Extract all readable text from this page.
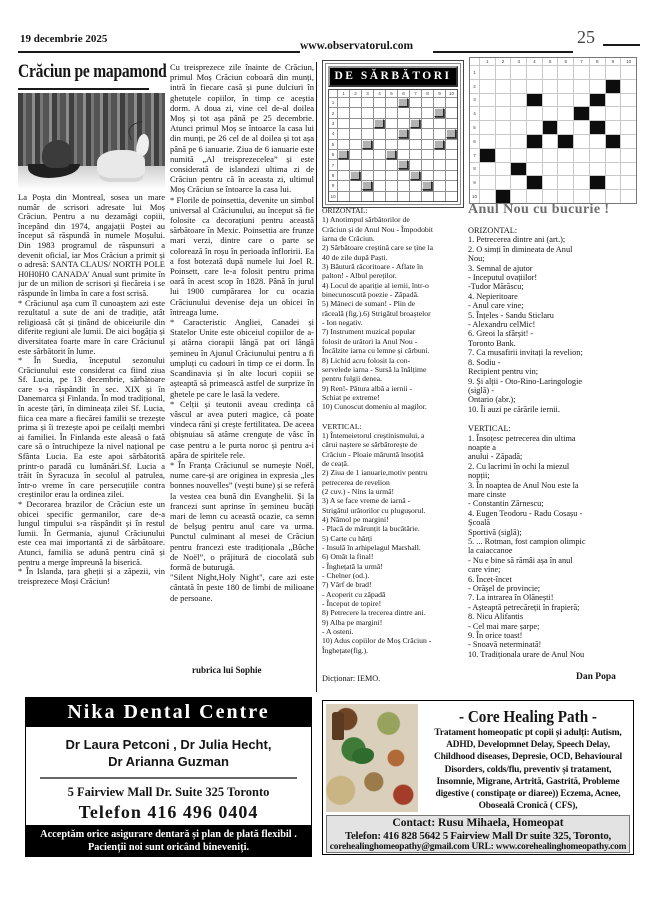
19 decembrie 2025
www.observatorul.com	25
Crăciun pe mapamond
La Poșta din Montreal, sosea un mare număr de scrisori adresate lui Moș Crăciun. Pentru a nu dezamăgi copiii, începând din 1974, angajații Poștei au început să răspundă în numele Moșului. Din 1983 programul de răspunsuri a devenit oficial, iar Mos Crăciun a primit și o adresă: SANTA CLAUS/ NORTH POLE H0H0H0 CANADA' Anual sunt primite în jur de un milion de scrisori și fiecăreia i se răspunde în limba în care a fost scrisă.
* Crăciunul așa cum îl cunoaștem azi este rezultatul a sute de ani de tradiție, atât religioasă cât și ținând de obiceiurile din diferite regiuni ale lumii. De aici bogăția și diversitatea foarte mare în care Crăciunul este sărbătorit în lume.
* În Suedia, începutul sezonului Crăciunului este considerat ca fiind ziua Sf. Lucia, pe 13 decembrie, sărbătoare care s-a răspândit în sec. XIX și în Danemarca și Finlanda. În mod tradițional, în aceste țări, în dimineața zilei Sf. Lucia, fiica cea mare a fiecărei familii se trezește prima și îi trezește apoi pe ceilalți membri ai familiei. În Finlanda este aleasă o fată care să o întruchipeze la nivel național pe Sfânta Lucia. Ea este apoi sărbătorită printr-o paradă cu lumânări.Sf. Lucia a trăit în Syracuza în secolul al patrulea, într-o vreme în care persecuțiile contra creștinilor erau la ordinea zilei.
* Decorarea brazilor de Crăciun este un obicei specific germanilor, care de-a lungul timpului s-a răspândit și în restul lumii. În Germania, ajunul Crăciunului este cea mai importantă zi de sărbătoare. Atunci, familia se adună pentru cină și pentru a merge împreună la biserică.
* În Islanda, țara gheții și a zăpezii, vin treisprezece Moși Crăciun!
Cu treisprezece zile înainte de Crăciun, primul Moș Crăciun coboară din munți, intră în fiecare casă și pune dulciuri în ghetuțele copiilor, în timp ce aceștia dorm. A doua zi, vine cel de-al doilea Moș și tot așa până pe 25 decembrie. Atunci primul Moș se întoarce la casa lui din munți, pe 26 cel de al doilea și tot așa până pe 6 ianuarie. Ziua de 6 ianuarie este numită „Al treisprezecelea” și este considerată de islandezi ultima zi de Crăciun pentru că în aceasta zi, ultimul Moș Crăciun se întoarce la casa lui.
* Florile de poinsettia, devenite un simbol universal al Crăciunului, au început să fie folosite ca decorațiuni pentru această sărbătoare în Mexic. Poinsettia are frunze mari verzi, dintre care o parte se colorează în roșu în perioada înfloririi. Ea a fost botezată după numele lui Joel R. Poinsett, care le-a folosit pentru prima oară în acest scop în 1828. Până în jurul lui 1900 cumpărarea lor cu ocazia Crăciunului devenise deja un obicei în întreaga lume.
* Caracteristic Angliei, Canadei și Statelor Unite este obiceiul copiilor de a-și atârna ciorapii lângă pat ori lângă șemineu în Ajunul Crăciunului pentru a fi umpluți cu cadouri în timp ce ei dorm. În Scandinavia și în alte locuri copiii se așteaptă să primească astfel de surprize în ghetele pe care le lasă la vedere.
* Celții și teutonii aveau credința că vâscul ar avea puteri magice, că poate vindeca răni și crește fertilitatea. De aceea obișnuiau să atârne crenguțe de vâsc în case pentru a le purta noroc și pentru a-i apăra de spiritele rele.
* În Franța Crăciunul se numește Noël, nume care-și are originea in expresia „les bonnes nouvelles” (vești bune) și se referă la vestea cea bună din Evanghelii. Și la francezi sunt aprinse în șemineu bucăți mari de lemn cu această ocazie, ca semn de belșug pentru anul care va urma. Punctul culminant al mesei de Crăciun pentru francezi este tradiționala „Bûche de Noël”, o prăjitură de ciocolată sub formă de buturugă.
"Silent Night,Holy Night", care azi este cântată în peste 180 de limbi de milioane de persoane.
rubrica lui Sophie
DE SĂRBĂTORI
1	2	3	4	5	6	7	8	9	10
1
2
3
4
5
6
7
8
9
10
ORIZONTAL:
1) Anotimpul sărbătorilor de
Crăciun și de Anul Nou - Împodobit
iarna de Crăciun.
2) Sărbătoare creștină care se ține la
40 de zile după Paști.
3) Băutură răcoritoare - Aflate în
palton! - Albul pereților.
4) Locul de apariție al iernii, într-o
binecunoscută poezie - Zăpadă.
5) Mâneci de suman! - Plin de
răceală (fig.).6) Strigătul broaștelor
- Ion negativ.
7) Instrument muzical popular
folosit de urători la Anul Nou -
Încălzite iarna cu lemne și cărbuni.
8) Lichid acru folosit la con-
servelede iarna - Sursă la înălțime
pentru fulgii denea.
9) Ren!- Pătura albă a iernii -
Schiat pe extreme!
10) Cunoscut domeniu al magilor.
VERTICAL:
1) Întemeietorul creștinismului, a
cărui naștere se sărbătorește de
Crăciun - Ploaie măruntă însoțită
de ceață.
2) Ziua de 1 ianuarie,motiv pentru
petrecerea de revelion
(2 cuv.) - Nins la urmă!
3) A se face vreme de iarnă -
Strigătul urătorilor cu plugușorul.
4) Nămol pe margini!
- Placă de mărunțit la bucătărie.
5) Carte cu hărți
- Insulă în arhipelagul Marshall.
6) Omăt la final!
- Înghețată la urmă!
- Chelner (od.).
7) Vârf de brad!
- Acoperit cu zăpadă
- Început de topire!
8) Petrecere la trecerea dintre ani.
9) Alba pe margini!
- A osteni.
10) Adus copiilor de Moș Crăciun -
Înghețate(fig.).
Dicționar: IEMO.
1	2	3	4	5	6	7	8	9	10
1
2
3
4
5
6
7
8
9
10
Anul Nou cu bucurie !
ORIZONTAL:
1. Petrecerea dintre ani (art.);
2. O simți în dimineata de Anul
Nou;
3. Semnal de ajutor
- Inceputul ovațiilor!
-Tudor Mărăscu;
4. Nepieritoare
- Anul care vine;
5. Înțeles - Sandu Sticlaru
- Alexandru celMic!
6. Greoi la sfârșit! -
Toronto Bank.
7. Ca musafirii invitați la revelion;
8. Sodiu -
Recipient pentru vin;
9. Și alții - Oto-Rino-Laringologie
(siglă) -
Ontario (abr.);
10. Îi auzi pe cărările iernii.
VERTICAL:
1. Însoțesc petrecerea din ultima
noapte a
anului - Zăpadă;
2. Cu lacrimi în ochi la miezul
nopții;
3. În noaptea de Anul Nou este la
mare cinste
- Constantin Zărnescu;
4. Eugen Teodoru - Radu Cosașu -
Școală
Sportivă (siglă);
5. ... Rotman, fost campion olimpic
la caiaccanoe
- Nu e bine să rămâi așa în anul
care vine;
6. Încet-încet
- Orășel de provincie;
7. La intrarea în Olănești!
- Așteaptă petrecăreții în frapieră;
8. Nicu Alifantis
- Cel mai mare șarpe;
9. În orice toast!
- Snoavă neterminată!
10. Tradiționala urare de Anul Nou
Dan Popa
Nika Dental Centre
Dr Laura Petconi , Dr Julia Hecht,
Dr Arianna Guzman
5 Fairview Mall Dr. Suite 325 Toronto
Telefon 416 496 0404
Acceptăm orice asigurare dentară și plan de plată flexibil .
Pacienții noi sunt oricând bineveniți.
- Core Healing Path -
Tratament homeopatic pt copii și adulți: Autism,
ADHD, Developmnet Delay, Speech Delay,
Childhood diseases, Depresie, OCD, Behavioural
Disorders, colds/flu, preventiv și tratament,
Insomnie, Migrane, Artrită, Gastrită, Probleme
digestive ( constipațe or diaree)) Eczema, Acnee,
Oboseală Cronică ( CFS),
Contact: Rusu Mihaela, Homeopat
Telefon: 416 828 5642 5 Fairview Mall Dr suite 325, Toronto,
corehealinghomeopathy@gmail.com URL: www.corehealinghomeopathy.com
